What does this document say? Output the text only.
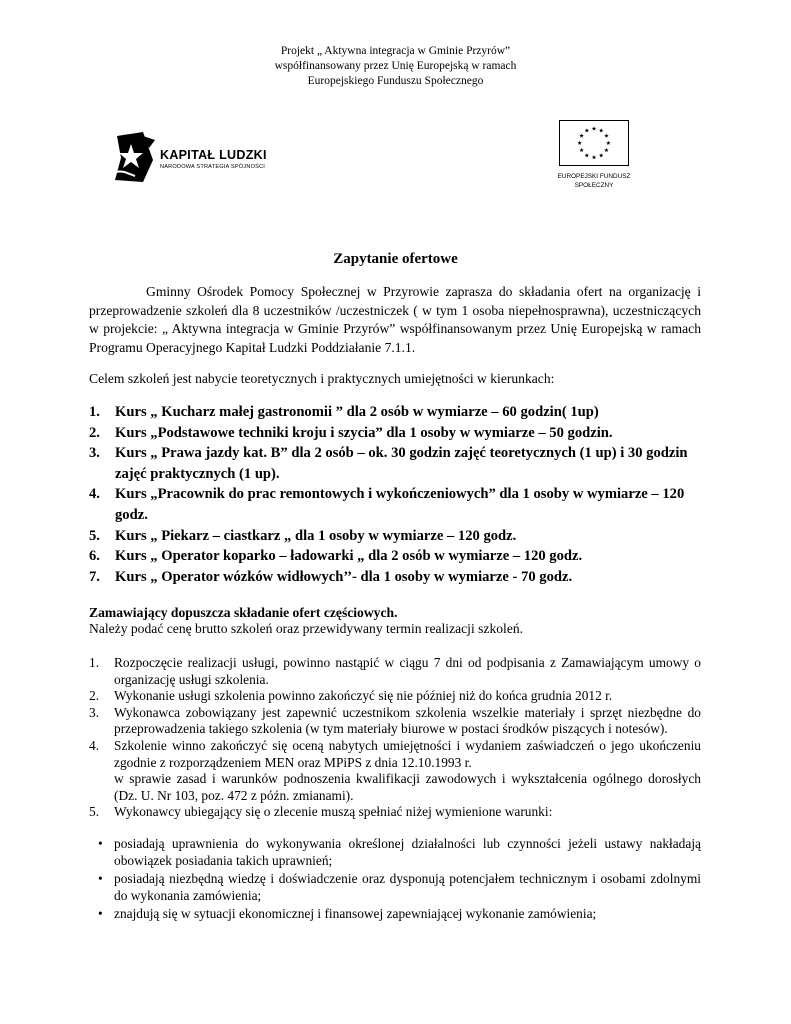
Projekt „ Aktywna integracja w Gminie Przyrów”
współfinansowany przez Unię Europejską w ramach
Europejskiego Funduszu Społecznego
KAPITAŁ LUDZKI
NARODOWA STRATEGIA SPÓJNOŚCI
EUROPEJSKI FUNDUSZ
SPOŁECZNY
Zapytanie ofertowe
Gminny Ośrodek Pomocy Społecznej w Przyrowie zaprasza do składania ofert na organizację i przeprowadzenie szkoleń dla 8 uczestników /uczestniczek ( w tym 1 osoba niepełnosprawna), uczestniczących w projekcie: „ Aktywna integracja w Gminie Przyrów” współfinansowanym przez Unię Europejską w ramach Programu Operacyjnego Kapitał Ludzki Poddziałanie 7.1.1.
Celem szkoleń jest nabycie teoretycznych i praktycznych umiejętności w kierunkach:
1. Kurs „ Kucharz małej gastronomii ” dla 2 osób w wymiarze – 60 godzin( 1up)
2. Kurs „Podstawowe techniki kroju i szycia” dla 1 osoby w wymiarze – 50 godzin.
3. Kurs „ Prawa jazdy kat. B” dla 2 osób – ok. 30 godzin zajęć teoretycznych (1 up) i 30 godzin zajęć praktycznych (1 up).
4. Kurs „Pracownik do prac remontowych i wykończeniowych” dla 1 osoby w wymiarze – 120 godz.
5. Kurs „ Piekarz – ciastkarz „ dla 1 osoby w wymiarze – 120 godz.
6. Kurs „ Operator koparko – ładowarki „ dla 2 osób w wymiarze – 120 godz.
7. Kurs „ Operator wózków widłowych’’- dla 1 osoby w wymiarze - 70 godz.
Zamawiający dopuszcza składanie ofert częściowych.
Należy podać cenę brutto szkoleń oraz przewidywany termin realizacji szkoleń.
1. Rozpoczęcie realizacji usługi, powinno nastąpić w ciągu 7 dni od podpisania z Zamawiającym umowy o organizację usługi szkolenia.
2. Wykonanie usługi szkolenia powinno zakończyć się nie później niż do końca grudnia 2012 r.
3. Wykonawca zobowiązany jest zapewnić uczestnikom szkolenia wszelkie materiały i sprzęt niezbędne do przeprowadzenia takiego szkolenia (w tym materiały biurowe w postaci środków piszących i notesów).
4. Szkolenie winno zakończyć się oceną nabytych umiejętności i wydaniem zaświadczeń o jego ukończeniu zgodnie z rozporządzeniem MEN oraz MPiPS z dnia 12.10.1993 r.
w sprawie zasad i warunków podnoszenia kwalifikacji zawodowych i wykształcenia ogólnego dorosłych (Dz. U. Nr 103, poz. 472 z późn. zmianami).
5. Wykonawcy ubiegający się o zlecenie muszą spełniać niżej wymienione warunki:
• posiadają uprawnienia do wykonywania określonej działalności lub czynności jeżeli ustawy nakładają obowiązek posiadania takich uprawnień;
• posiadają niezbędną wiedzę i doświadczenie oraz dysponują potencjałem technicznym i osobami zdolnymi do wykonania zamówienia;
• znajdują się w sytuacji ekonomicznej i finansowej zapewniającej wykonanie zamówienia;
